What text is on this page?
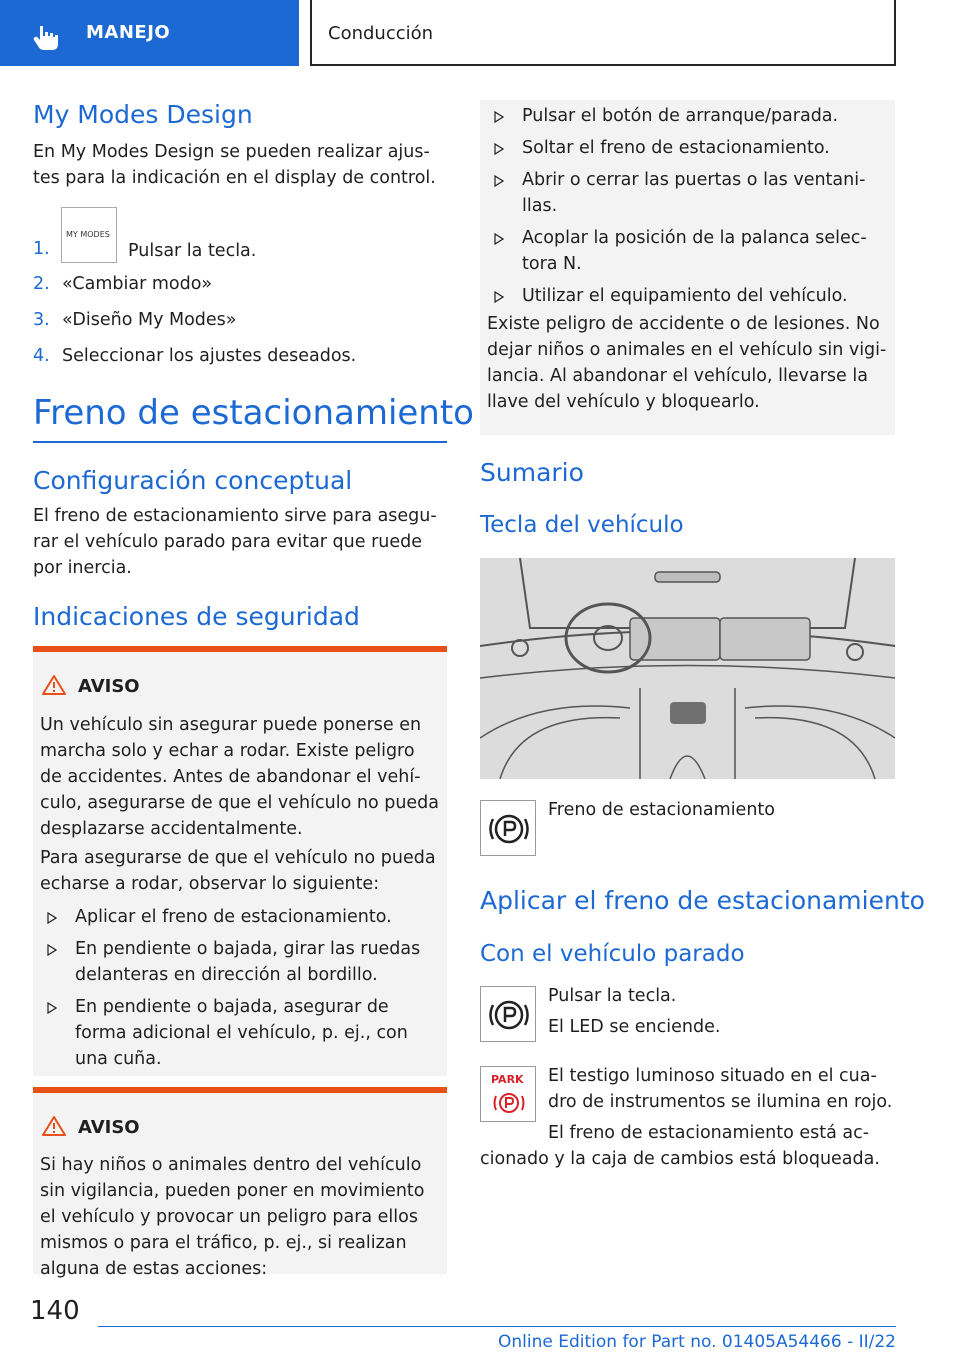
MANEJO	Conducción
My Modes Design
En My Modes Design se pueden realizar ajustes para la indicación en el display de control.
1.
MY MODES
Pulsar la tecla.
2. «Cambiar modo»
3. «Diseño My Modes»
4. Seleccionar los ajustes deseados.
Freno de estacionamiento
Configuración conceptual
El freno de estacionamiento sirve para asegurar el vehículo parado para evitar que ruede por inercia.
Indicaciones de seguridad
AVISO
Un vehículo sin asegurar puede ponerse en marcha solo y echar a rodar. Existe peligro de accidentes. Antes de abandonar el vehículo, asegurarse de que el vehículo no pueda desplazarse accidentalmente.
Para asegurarse de que el vehículo no pueda echarse a rodar, observar lo siguiente:
Aplicar el freno de estacionamiento.
En pendiente o bajada, girar las ruedas delanteras en dirección al bordillo.
En pendiente o bajada, asegurar de forma adicional el vehículo, p. ej., con una cuña.
AVISO
Si hay niños o animales dentro del vehículo sin vigilancia, pueden poner en movimiento el vehículo y provocar un peligro para ellos mismos o para el tráfico, p. ej., si realizan alguna de estas acciones:
Pulsar el botón de arranque/parada.
Soltar el freno de estacionamiento.
Abrir o cerrar las puertas o las ventanillas.
Acoplar la posición de la palanca selectora N.
Utilizar el equipamiento del vehículo.
Existe peligro de accidente o de lesiones. No dejar niños o animales en el vehículo sin vigilancia. Al abandonar el vehículo, llevarse la llave del vehículo y bloquearlo.
Sumario
Tecla del vehículo
Freno de estacionamiento
Aplicar el freno de estacionamiento
Con el vehículo parado
Pulsar la tecla.
El LED se enciende.
PARK El testigo luminoso situado en el cuadro de instrumentos se ilumina en rojo.
El freno de estacionamiento está accionado y la caja de cambios está bloqueada.
140
Online Edition for Part no. 01405A54466 - II/22
